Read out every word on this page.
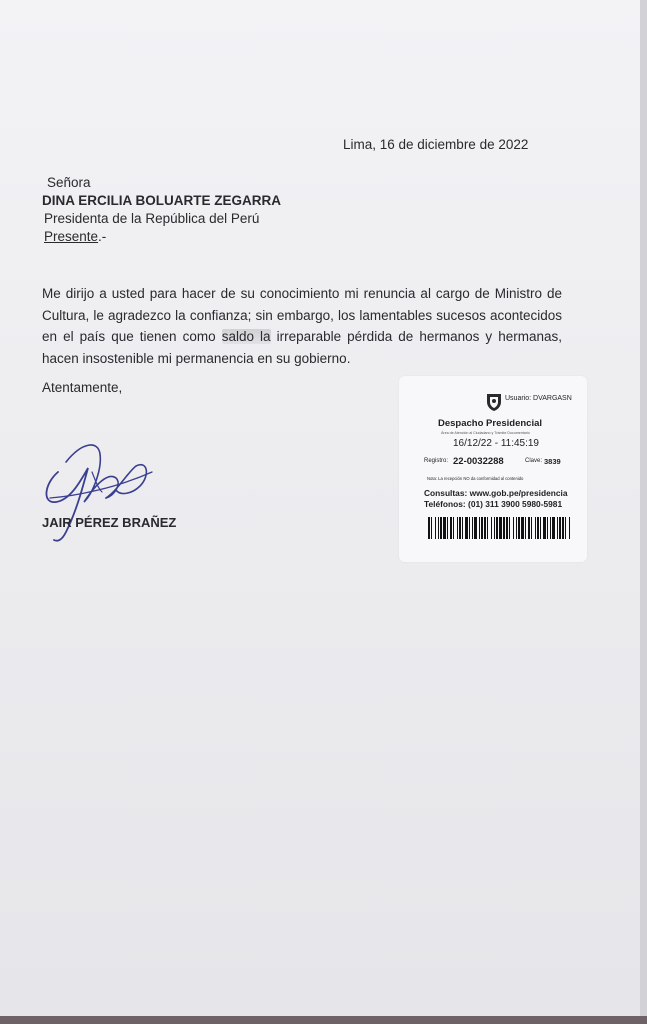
Lima, 16 de diciembre de 2022
Señora
DINA ERCILIA BOLUARTE ZEGARRA
Presidenta de la República del Perú
Presente.-
Me dirijo a usted para hacer de su conocimiento mi renuncia al cargo de Ministro de Cultura, le agradezco la confianza; sin embargo, los lamentables sucesos acontecidos en el país que tienen como saldo la irreparable pérdida de hermanos y hermanas, hacen insostenible mi permanencia en su gobierno.
Atentamente,
JAIR PÉREZ BRAÑEZ
Usuario: DVARGASN
Despacho Presidencial
Área de Atención al Ciudadano y Trámite Documentario
16/12/22 - 11:45:19
Registro: 22-0032288	Clave: 3839
Nota: La recepción NO da conformidad al contenido
Consultas: www.gob.pe/presidencia
Teléfonos: (01) 311 3900 5980-5981
